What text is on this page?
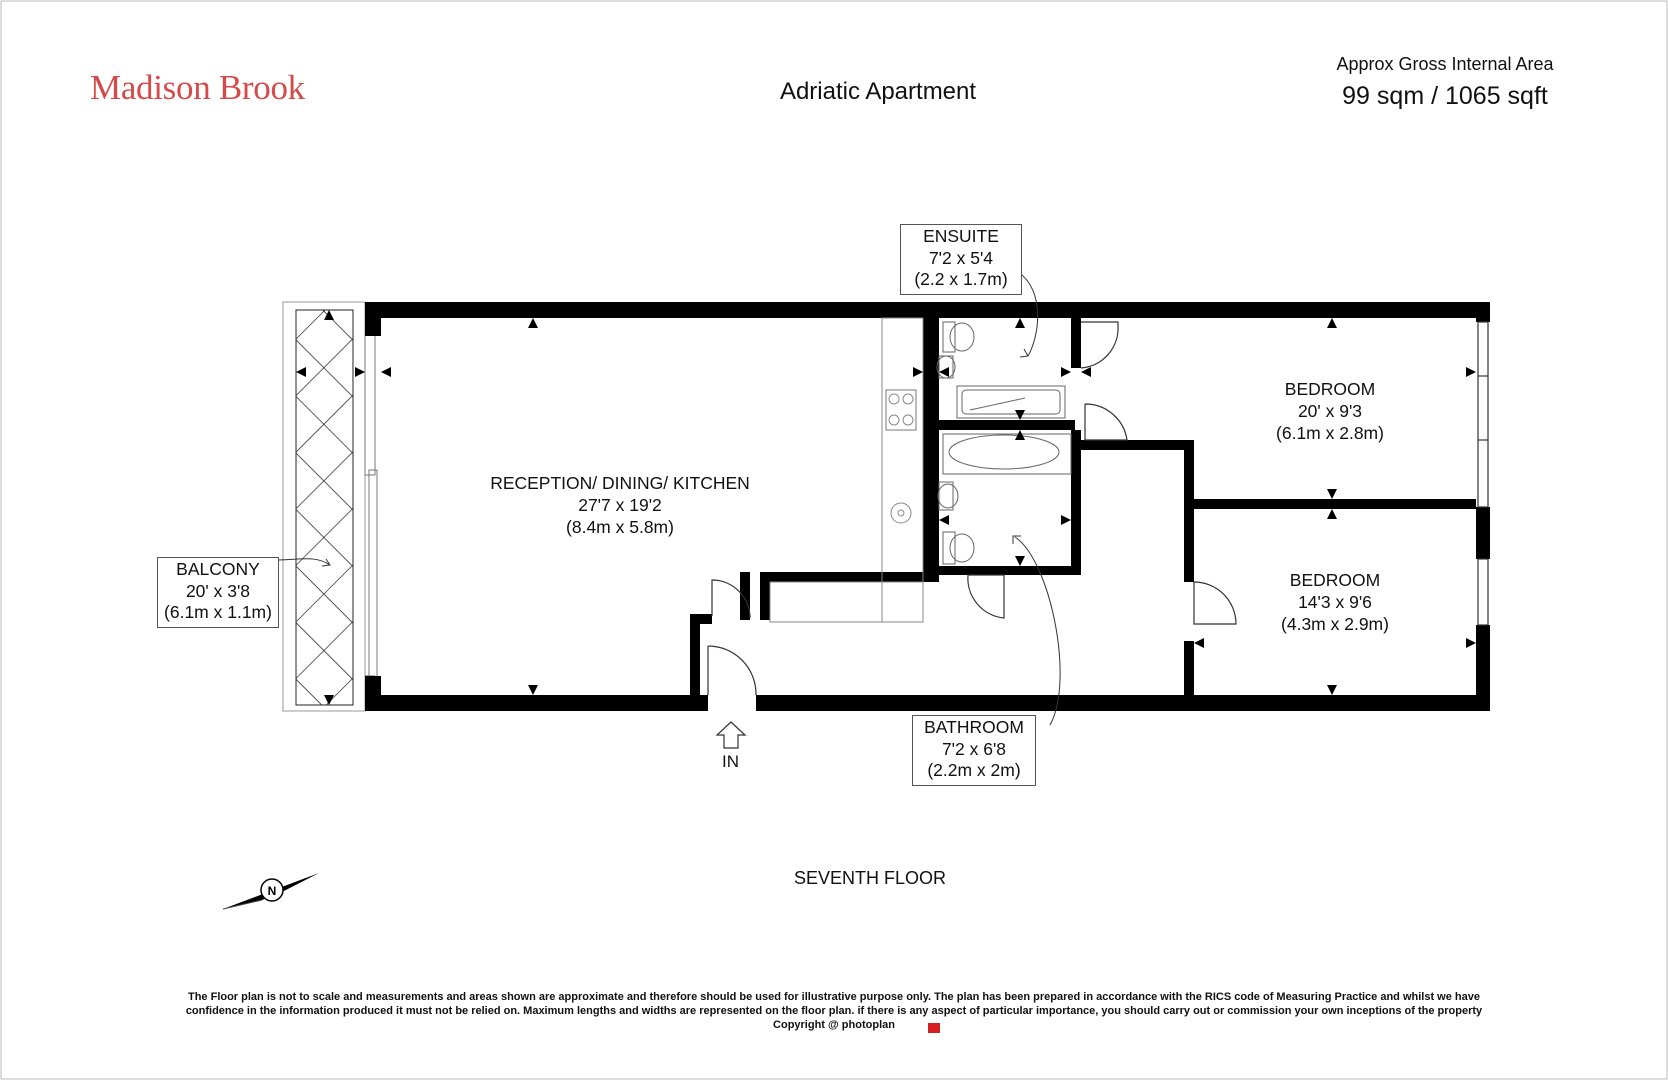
N
Madison Brook	Adriatic Apartment
Approx Gross Internal Area
99 sqm / 1065 sqft
RECEPTION/ DINING/ KITCHEN
27'7 x 19'2
(8.4m x 5.8m)
ENSUITE
7'2 x 5'4
(2.2 x 1.7m)
BEDROOM
20' x 9'3
(6.1m x 2.8m)
BEDROOM
14'3 x 9'6
(4.3m x 2.9m)
BALCONY
20' x 3'8
(6.1m x 1.1m)
BATHROOM
7'2 x 6'8
(2.2m x 2m)
IN
SEVENTH FLOOR
The Floor plan is not to scale and measurements and areas shown are approximate and therefore should be used for illustrative purpose only. The plan has been prepared in accordance with the RICS code of Measuring Practice and whilst we have
confidence in the information produced it must not be relied on. Maximum lengths and widths are represented on the floor plan. if there is any aspect of particular importance, you should carry out or commission your own inceptions of the property
Copyright @ photoplan
